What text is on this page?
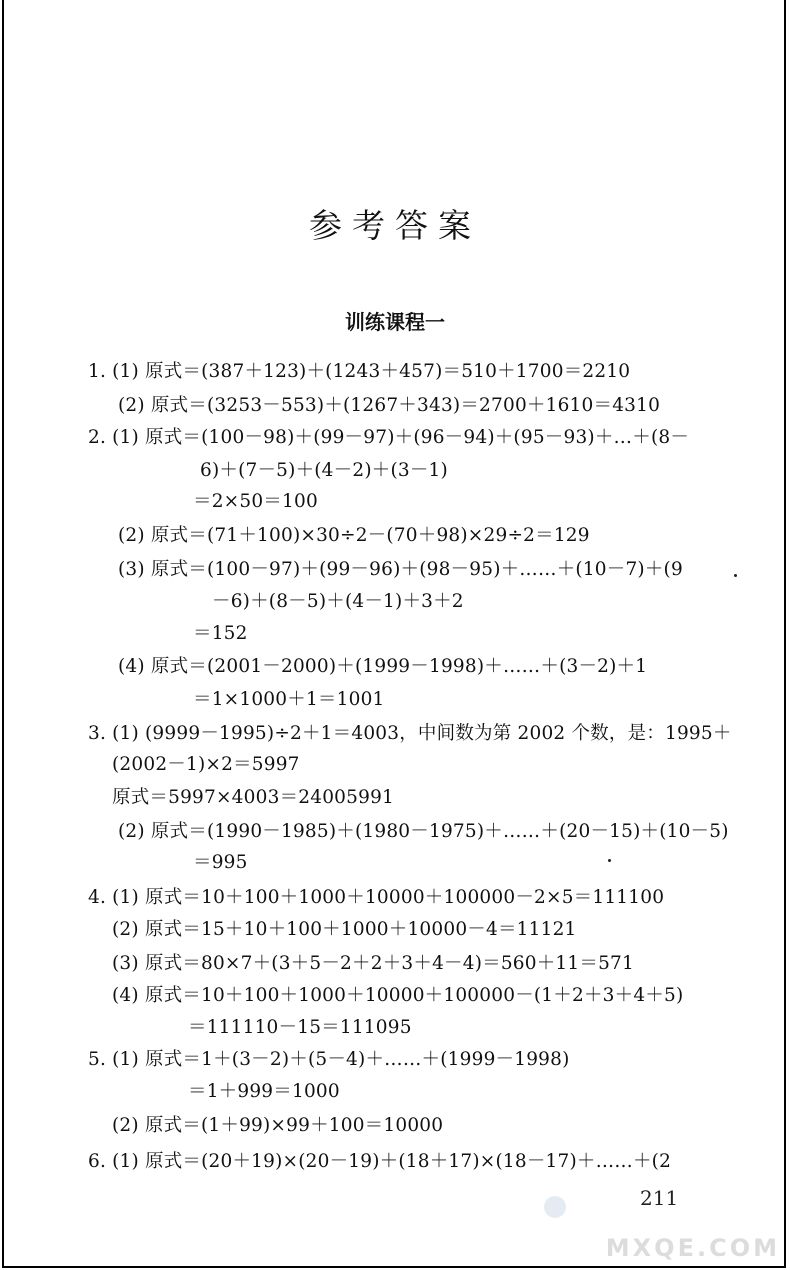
参考答案
训练课程一
1. (1) 原式＝(387＋123)＋(1243＋457)＝510＋1700＝2210
(2) 原式＝(3253－553)＋(1267＋343)＝2700＋1610＝4310
2. (1) 原式＝(100－98)＋(99－97)＋(96－94)＋(95－93)＋…＋(8－
6)＋(7－5)＋(4－2)＋(3－1)
＝2×50＝100
(2) 原式＝(71＋100)×30÷2－(70＋98)×29÷2＝129
(3) 原式＝(100－97)＋(99－96)＋(98－95)＋……＋(10－7)＋(9
－6)＋(8－5)＋(4－1)＋3＋2
＝152
(4) 原式＝(2001－2000)＋(1999－1998)＋……＋(3－2)＋1
＝1×1000＋1＝1001
3. (1) (9999－1995)÷2＋1＝4003，中间数为第 2002 个数，是：1995＋
(2002－1)×2＝5997
原式＝5997×4003＝24005991
(2) 原式＝(1990－1985)＋(1980－1975)＋……＋(20－15)＋(10－5)
＝995
4. (1) 原式＝10＋100＋1000＋10000＋100000－2×5＝111100
(2) 原式＝15＋10＋100＋1000＋10000－4＝11121
(3) 原式＝80×7＋(3＋5－2＋2＋3＋4－4)＝560＋11＝571
(4) 原式＝10＋100＋1000＋10000＋100000－(1＋2＋3＋4＋5)
＝111110－15＝111095
5. (1) 原式＝1＋(3－2)＋(5－4)＋……＋(1999－1998)
＝1＋999＝1000
(2) 原式＝(1＋99)×99＋100＝10000
6. (1) 原式＝(20＋19)×(20－19)＋(18＋17)×(18－17)＋……＋(2
211
MXQE.COM
